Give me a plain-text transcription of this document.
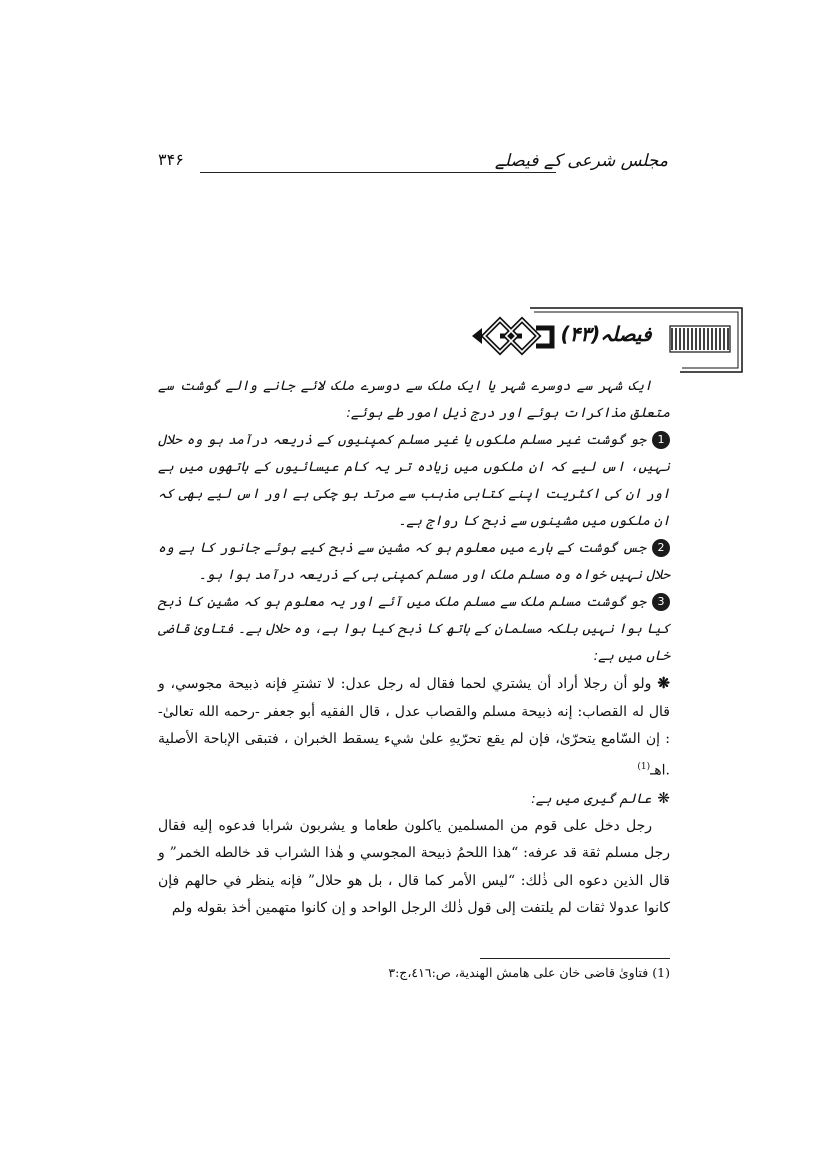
مجلس شرعی کے فیصلے
۳۴۶
فیصلہ(۴۳)

ایک شہر سے دوسرے شہر یا ایک ملک سے دوسرے ملک لائے جانے والے گوشت سے متعلق مذاکرات ہوئے اور درج ذیل امور طے ہوئے:

1جو گوشت غیر مسلم ملکوں یا غیر مسلم کمپنیوں کے ذریعہ درآمد ہو وہ حلال نہیں، اس لیے کہ ان ملکوں میں زیادہ تر یہ کام عیسائیوں کے ہاتھوں میں ہے اور ان کی اکثریت اپنے کتابی مذہب سے مرتد ہو چکی ہے اور اس لیے بھی کہ ان ملکوں میں مشینوں سے ذبح کا رواج ہے۔

2جس گوشت کے بارے میں معلوم ہو کہ مشین سے ذبح کیے ہوئے جانور کا ہے وہ حلال نہیں خواہ وہ مسلم ملک اور مسلم کمپنی ہی کے ذریعہ درآمد ہوا ہو۔

3جو گوشت مسلم ملک سے مسلم ملک میں آئے اور یہ معلوم ہو کہ مشین کا ذبح کیا ہوا نہیں بلکہ مسلمان کے ہاتھ کا ذبح کیا ہوا ہے، وہ حلال ہے۔ فتاویٰ قاضی خاں میں ہے:

❋ولو أن رجلا أراد أن يشتري لحما فقال له رجل عدل: لا تشترِ فإنه ذبيحة مجوسي، و قال له القصاب: إنه ذبيحة مسلم والقصاب عدل ، قال الفقيه أبو جعفر -رحمه الله تعالىٰ- : إن السّامع يتحرّىٰ، فإن لم يقع تحرّيهِ علىٰ شيء يسقط الخبران ، فتبقى الإباحة الأصلية .اهـ$^{(1)}$

❋عالم گیری میں ہے:

رجل دخل على قوم من المسلمين ياكلون طعاما و يشربون شرابا فدعوه إليه فقال رجل مسلم ثقة قد عرفه: “هذا اللحمُ ذبيحة المجوسي و هٰذا الشراب قد خالطه الخمر” و قال الذين دعوه الى ذٰلك: “ليس الأمر كما قال ، بل هو حلال” فإنه ينظر في حالهم فإن كانوا عدولا ثقات لم يلتفت إلى قول ذٰلك الرجل الواحد و إن كانوا متهمين أخذ بقوله ولم

(1) فتاوىٰ قاضى خان على هامش الهندية، ص:٤١٦،ج:٣
